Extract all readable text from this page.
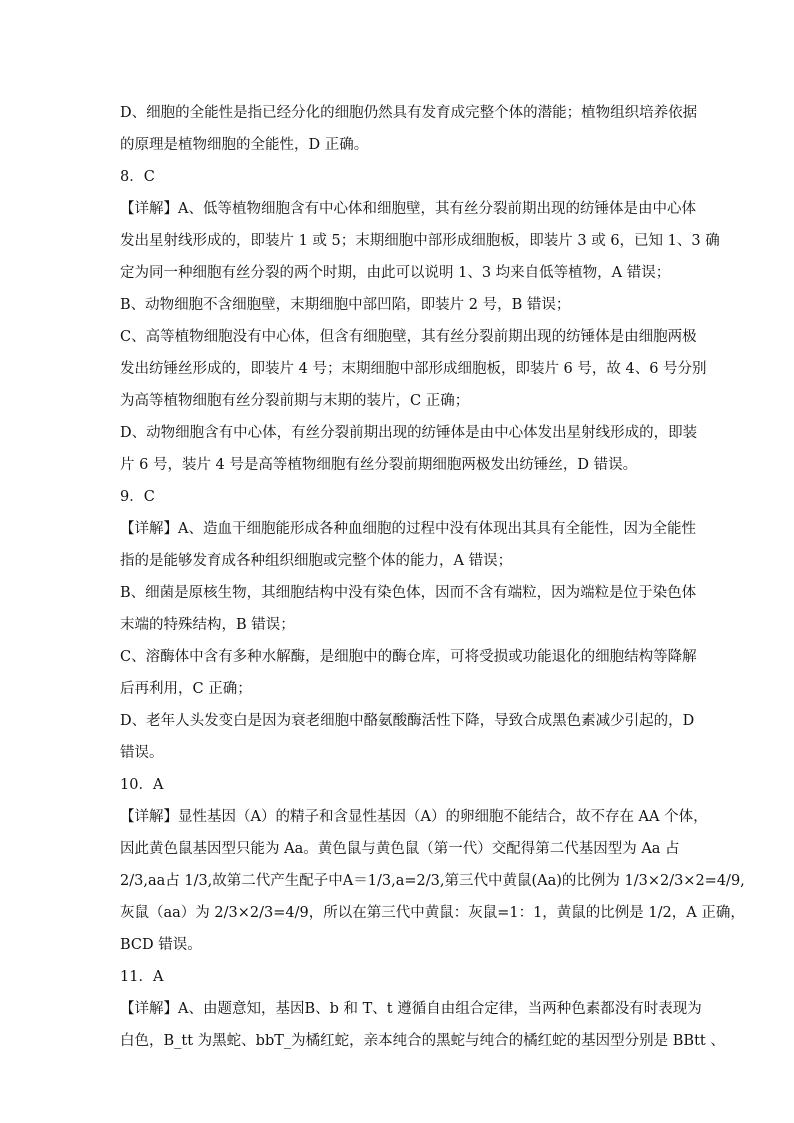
D、细胞的全能性是指已经分化的细胞仍然具有发育成完整个体的潜能；植物组织培养依据
的原理是植物细胞的全能性，D 正确。
8．C
【详解】A、低等植物细胞含有中心体和细胞壁，其有丝分裂前期出现的纺锤体是由中心体
发出星射线形成的，即装片 1 或 5；末期细胞中部形成细胞板，即装片 3 或 6，已知 1、3 确
定为同一种细胞有丝分裂的两个时期，由此可以说明 1、3 均来自低等植物，A 错误；
B、动物细胞不含细胞壁，末期细胞中部凹陷，即装片 2 号，B 错误；
C、高等植物细胞没有中心体，但含有细胞壁，其有丝分裂前期出现的纺锤体是由细胞两极
发出纺锤丝形成的，即装片 4 号；末期细胞中部形成细胞板，即装片 6 号，故 4、6 号分别
为高等植物细胞有丝分裂前期与末期的装片，C 正确；
D、动物细胞含有中心体，有丝分裂前期出现的纺锤体是由中心体发出星射线形成的，即装
片 6 号，装片 4 号是高等植物细胞有丝分裂前期细胞两极发出纺锤丝，D 错误。
9．C
【详解】A、造血干细胞能形成各种血细胞的过程中没有体现出其具有全能性，因为全能性
指的是能够发育成各种组织细胞或完整个体的能力，A 错误；
B、细菌是原核生物，其细胞结构中没有染色体，因而不含有端粒，因为端粒是位于染色体
末端的特殊结构，B 错误；
C、溶酶体中含有多种水解酶，是细胞中的酶仓库，可将受损或功能退化的细胞结构等降解
后再利用，C 正确；
D、老年人头发变白是因为衰老细胞中酪氨酸酶活性下降，导致合成黑色素减少引起的，D
错误。
10．A
【详解】显性基因（A）的精子和含显性基因（A）的卵细胞不能结合，故不存在 AA 个体，
因此黄色鼠基因型只能为 Aa。黄色鼠与黄色鼠（第一代）交配得第二代基因型为 Aa 占
2/3,aa占 1/3,故第二代产生配子中A＝1/3,a=2/3,第三代中黄鼠(Aa)的比例为 1/3×2/3×2=4/9,
灰鼠（aa）为 2/3×2/3=4/9，所以在第三代中黄鼠：灰鼠=1：1，黄鼠的比例是 1/2，A 正确，
BCD 错误。
11．A
【详解】A、由题意知，基因B、b 和 T、t 遵循自由组合定律，当两种色素都没有时表现为
白色，B_tt 为黑蛇、bbT_为橘红蛇，亲本纯合的黑蛇与纯合的橘红蛇的基因型分别是 BBtt 、
